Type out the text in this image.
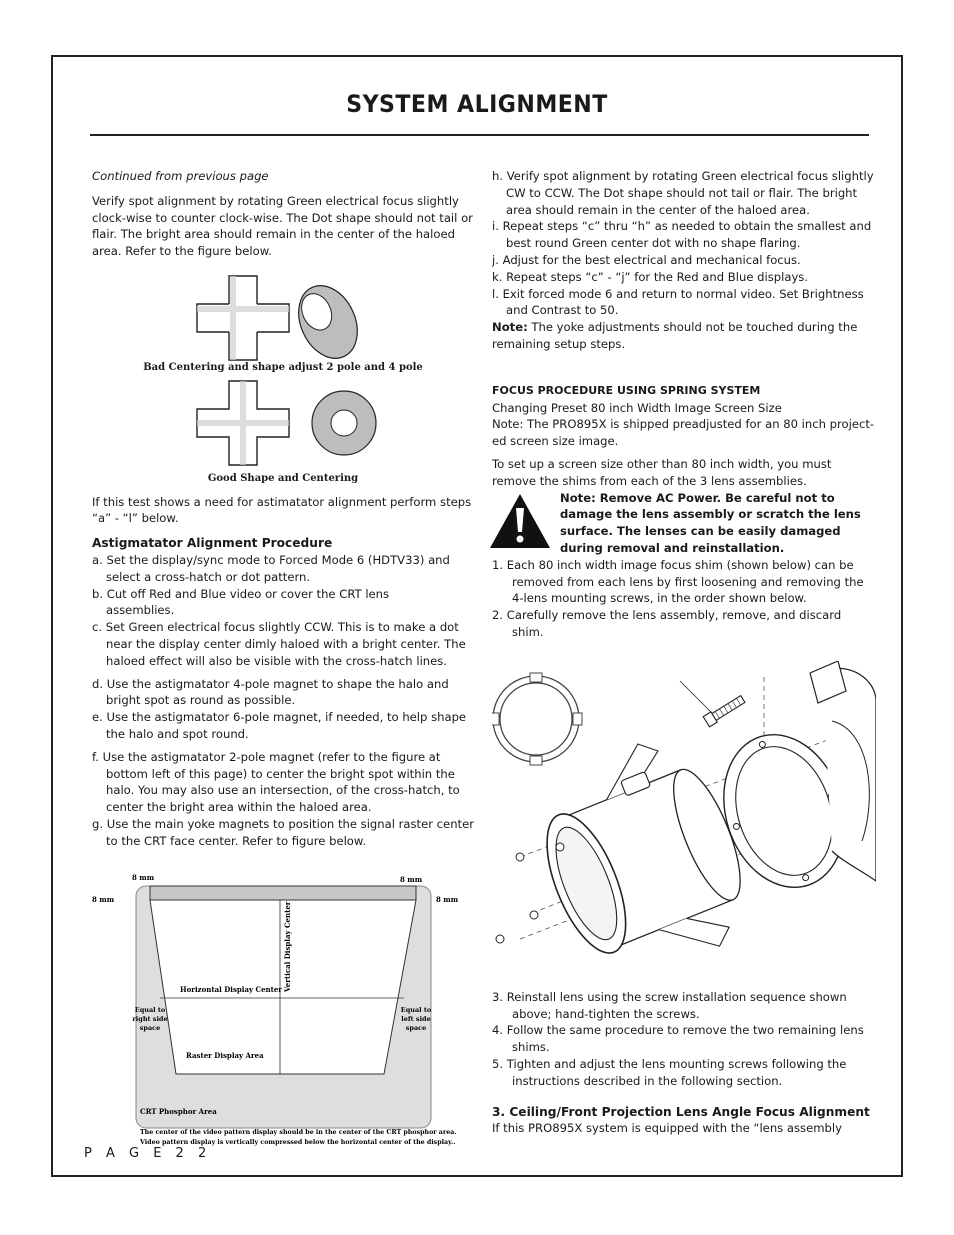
SYSTEM ALIGNMENT

Continued from previous page

Verify spot alignment by rotating Green electrical focus slightly clock-wise to counter clock-wise. The Dot shape should not tail or flair. The bright area should remain in the center of the haloed area. Refer to the figure below.

Bad Centering and shape adjust 2 pole and 4 pole

Good Shape and Centering

If this test shows a need for astimatator alignment perform steps “a” - “l” below.

Astigmatator Alignment Procedure

a. Set the display/sync mode to Forced Mode 6 (HDTV33) and select a cross-hatch or dot pattern.

b. Cut off Red and Blue video or cover the CRT lens assemblies.

c. Set Green electrical focus slightly CCW. This is to make a dot near the display center dimly haloed with a bright center. The haloed effect will also be visible with the cross-hatch lines.

d. Use the astigmatator 4-pole magnet to shape the halo and bright spot as round as possible.

e. Use the astigmatator 6-pole magnet, if needed, to help shape the halo and spot round.

f. Use the astigmatator 2-pole magnet (refer to the figure at bottom left of this page) to center the bright spot within the halo. You may also use an intersection, of the cross-hatch, to center the bright area within the haloed area.

g. Use the main yoke magnets to position the signal raster center to the CRT face center. Refer to figure below.

8 mm	8 mm
8 mm	8 mm
Vertical Display Center
Horizontal Display Center
Equal to right side space
Equal to left side space
Raster Display Area
CRT Phosphor Area
The center of the video pattern display should be in the center of the CRT phosphor area.
Video pattern display is vertically compressed below the horizontal center of the display..

h. Verify spot alignment by rotating Green electrical focus slightly CW to CCW. The Dot shape should not tail or flair. The bright area should remain in the center of the haloed area.

i. Repeat steps “c” thru “h” as needed to obtain the smallest and best round Green center dot with no shape flaring.

j. Adjust for the best electrical and mechanical focus.

k. Repeat steps “c” - “j” for the Red and Blue displays.

l. Exit forced mode 6 and return to normal video. Set Brightness and Contrast to 50.

Note: The yoke adjustments should not be touched during the remaining setup steps.

FOCUS PROCEDURE USING SPRING SYSTEM

Changing Preset 80 inch Width Image Screen Size

Note: The PRO895X is shipped preadjusted for an 80 inch project-ed screen size image.

To set up a screen size other than 80 inch width, you must remove the shims from each of the 3 lens assemblies.

Note: Remove AC Power. Be careful not to damage the lens assembly or scratch the lens surface. The lenses can be easily damaged during removal and reinstallation.

1. Each 80 inch width image focus shim (shown below) can be removed from each lens by first loosening and removing the 4-lens mounting screws, in the order shown below.

2. Carefully remove the lens assembly, remove, and discard shim.

3. Reinstall lens using the screw installation sequence shown above; hand-tighten the screws.

4. Follow the same procedure to remove the two remaining lens shims.

5. Tighten and adjust the lens mounting screws following the instructions described in the following section.

3. Ceiling/Front Projection Lens Angle Focus Alignment

If this PRO895X system is equipped with the “lens assembly

P A G E 2 2
